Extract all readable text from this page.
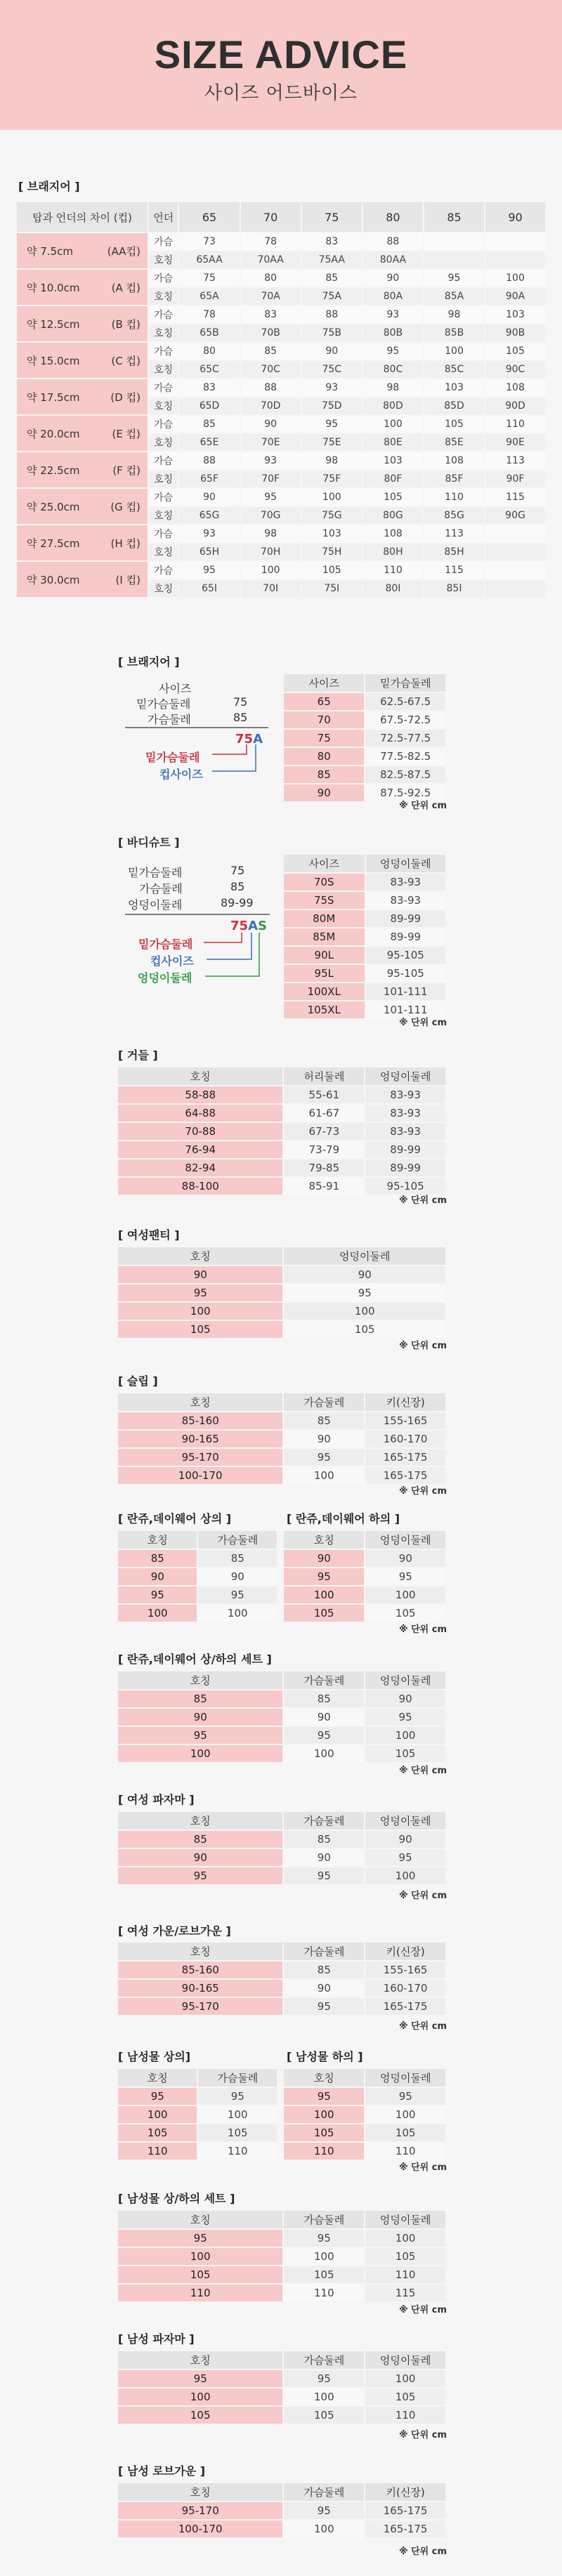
SIZE ADVICE
사이즈 어드바이스
[ 브래지어 ]
탑과 언더의 차이 (컵)	언더	65	70	75	80	85	90
약 7.5cm (AA컵)	가슴	73	78	83	88		
	호칭	65AA	70AA	75AA	80AA		
약 10.0cm (A 컵)	가슴	75	80	85	90	95	100
	호칭	65A	70A	75A	80A	85A	90A
약 12.5cm (B 컵)	가슴	78	83	88	93	98	103
	호칭	65B	70B	75B	80B	85B	90B
약 15.0cm (C 컵)	가슴	80	85	90	95	100	105
	호칭	65C	70C	75C	80C	85C	90C
약 17.5cm (D 컵)	가슴	83	88	93	98	103	108
	호칭	65D	70D	75D	80D	85D	90D
약 20.0cm (E 컵)	가슴	85	90	95	100	105	110
	호칭	65E	70E	75E	80E	85E	90E
약 22.5cm (F 컵)	가슴	88	93	98	103	108	113
	호칭	65F	70F	75F	80F	85F	90F
약 25.0cm (G 컵)	가슴	90	95	100	105	110	115
	호칭	65G	70G	75G	80G	85G	90G
약 27.5cm (H 컵)	가슴	93	98	103	108	113	
	호칭	65H	70H	75H	80H	85H	
약 30.0cm (I 컵)	가슴	95	100	105	110	115	
	호칭	65I	70I	75I	80I	85I	
[ 브래지어 ]
사이즈
밑가슴둘레	75
가슴둘레	85
75A
밑가슴둘레
컵사이즈
사이즈	밑가슴둘레
65	62.5-67.5
70	67.5-72.5
75	72.5-77.5
80	77.5-82.5
85	82.5-87.5
90	87.5-92.5
※ 단위 cm
[ 바디슈트 ]
밑가슴둘레	75
가슴둘레	85
엉덩이둘레	89-99
75AS
밑가슴둘레
컵사이즈
엉덩이둘레
사이즈	엉덩이둘레
70S	83-93
75S	83-93
80M	89-99
85M	89-99
90L	95-105
95L	95-105
100XL	101-111
105XL	101-111
※ 단위 cm
[ 거들 ]
호칭	허리둘레	엉덩이둘레
58-88	55-61	83-93
64-88	61-67	83-93
70-88	67-73	83-93
76-94	73-79	89-99
82-94	79-85	89-99
88-100	85-91	95-105
※ 단위 cm
[ 여성팬티 ]
호칭	엉덩이둘레
90	90
95	95
100	100
105	105
※ 단위 cm
[ 슬립 ]
호칭	가슴둘레	키(신장)
85-160	85	155-165
90-165	90	160-170
95-170	95	165-175
100-170	100	165-175
※ 단위 cm
[ 란쥬,데이웨어 상의 ]	[ 란쥬,데이웨어 하의 ]
호칭	가슴둘레
85	85
90	90
95	95
100	100
호칭	엉덩이둘레
90	90
95	95
100	100
105	105
※ 단위 cm
[ 란쥬,데이웨어 상/하의 세트 ]
호칭	가슴둘레	엉덩이둘레
85	85	90
90	90	95
95	95	100
100	100	105
※ 단위 cm
[ 여성 파자마 ]
호칭	가슴둘레	엉덩이둘레
85	85	90
90	90	95
95	95	100
※ 단위 cm
[ 여성 가운/로브가운 ]
호칭	가슴둘레	키(신장)
85-160	85	155-165
90-165	90	160-170
95-170	95	165-175
※ 단위 cm
[ 남성물 상의]	[ 남성물 하의 ]
호칭	가슴둘레
95	95
100	100
105	105
110	110
호칭	엉덩이둘레
95	95
100	100
105	105
110	110
※ 단위 cm
[ 남성물 상/하의 세트 ]
호칭	가슴둘레	엉덩이둘레
95	95	100
100	100	105
105	105	110
110	110	115
※ 단위 cm
[ 남성 파자마 ]
호칭	가슴둘레	엉덩이둘레
95	95	100
100	100	105
105	105	110
※ 단위 cm
[ 남성 로브가운 ]
호칭	가슴둘레	키(신장)
95-170	95	165-175
100-170	100	165-175
※ 단위 cm
